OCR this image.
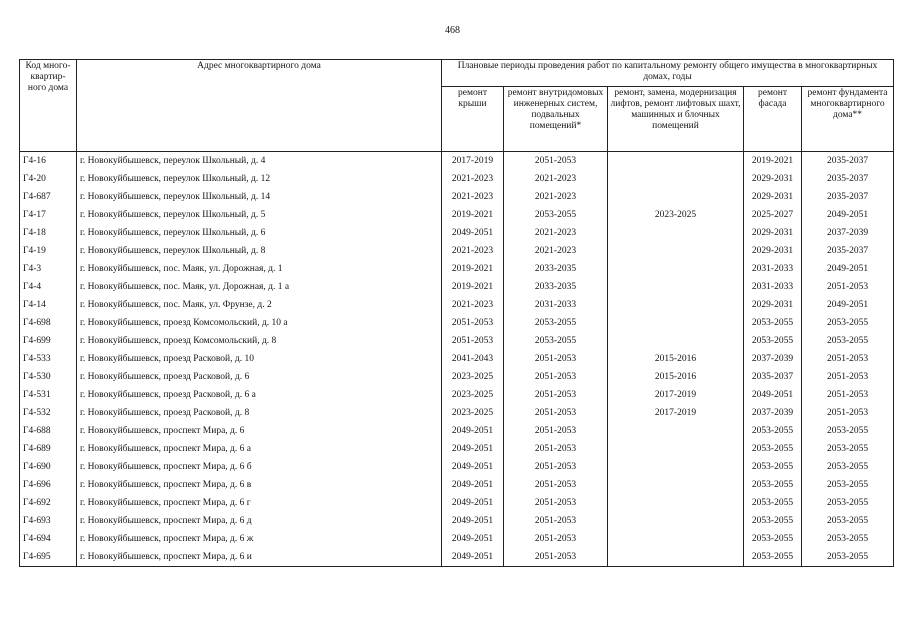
468
Код много-квартир-ного дома	Адрес многоквартирного дома	Плановые периоды проведения работ по капитальному ремонту общего имущества в многоквартирных домах, годы				
		ремонт крыши	ремонт внутридомовых инженерных систем, подвальных помещений*	ремонт, замена, модернизация лифтов, ремонт лифтовых шахт, машинных и блочных помещений	ремонт фасада	ремонт фундамента многоквартирного дома**
Г4-16	г. Новокуйбышевск, переулок Школьный, д. 4	2017-2019	2051-2053		2019-2021	2035-2037
Г4-20	г. Новокуйбышевск, переулок Школьный, д. 12	2021-2023	2021-2023		2029-2031	2035-2037
Г4-687	г. Новокуйбышевск, переулок Школьный, д. 14	2021-2023	2021-2023		2029-2031	2035-2037
Г4-17	г. Новокуйбышевск, переулок Школьный, д. 5	2019-2021	2053-2055	2023-2025	2025-2027	2049-2051
Г4-18	г. Новокуйбышевск, переулок Школьный, д. 6	2049-2051	2021-2023		2029-2031	2037-2039
Г4-19	г. Новокуйбышевск, переулок Школьный, д. 8	2021-2023	2021-2023		2029-2031	2035-2037
Г4-3	г. Новокуйбышевск, пос. Маяк, ул. Дорожная, д. 1	2019-2021	2033-2035		2031-2033	2049-2051
Г4-4	г. Новокуйбышевск, пос. Маяк, ул. Дорожная, д. 1 а	2019-2021	2033-2035		2031-2033	2051-2053
Г4-14	г. Новокуйбышевск, пос. Маяк, ул. Фрунзе, д. 2	2021-2023	2031-2033		2029-2031	2049-2051
Г4-698	г. Новокуйбышевск, проезд Комсомольский, д. 10 а	2051-2053	2053-2055		2053-2055	2053-2055
Г4-699	г. Новокуйбышевск, проезд Комсомольский, д. 8	2051-2053	2053-2055		2053-2055	2053-2055
Г4-533	г. Новокуйбышевск, проезд Расковой, д. 10	2041-2043	2051-2053	2015-2016	2037-2039	2051-2053
Г4-530	г. Новокуйбышевск, проезд Расковой, д. 6	2023-2025	2051-2053	2015-2016	2035-2037	2051-2053
Г4-531	г. Новокуйбышевск, проезд Расковой, д. 6 а	2023-2025	2051-2053	2017-2019	2049-2051	2051-2053
Г4-532	г. Новокуйбышевск, проезд Расковой, д. 8	2023-2025	2051-2053	2017-2019	2037-2039	2051-2053
Г4-688	г. Новокуйбышевск, проспект Мира, д. 6	2049-2051	2051-2053		2053-2055	2053-2055
Г4-689	г. Новокуйбышевск, проспект Мира, д. 6 а	2049-2051	2051-2053		2053-2055	2053-2055
Г4-690	г. Новокуйбышевск, проспект Мира, д. 6 б	2049-2051	2051-2053		2053-2055	2053-2055
Г4-696	г. Новокуйбышевск, проспект Мира, д. 6 в	2049-2051	2051-2053		2053-2055	2053-2055
Г4-692	г. Новокуйбышевск, проспект Мира, д. 6 г	2049-2051	2051-2053		2053-2055	2053-2055
Г4-693	г. Новокуйбышевск, проспект Мира, д. 6 д	2049-2051	2051-2053		2053-2055	2053-2055
Г4-694	г. Новокуйбышевск, проспект Мира, д. 6 ж	2049-2051	2051-2053		2053-2055	2053-2055
Г4-695	г. Новокуйбышевск, проспект Мира, д. 6 и	2049-2051	2051-2053		2053-2055	2053-2055
